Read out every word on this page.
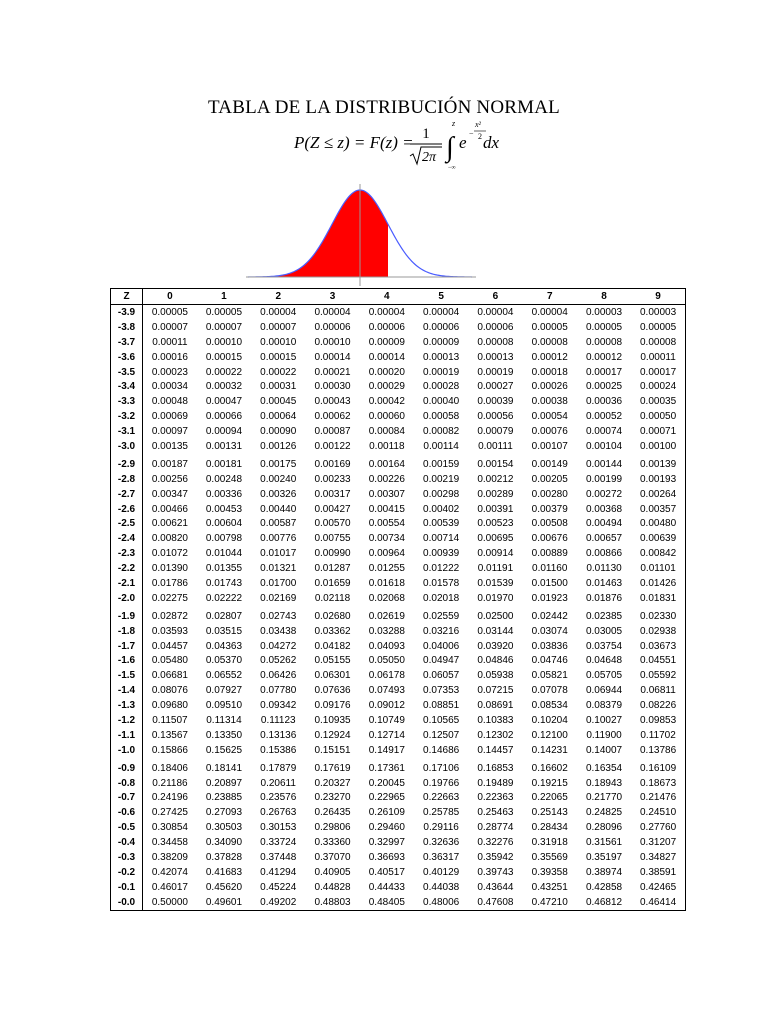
TABLA DE LA DISTRIBUCIÓN NORMAL
P(Z ≤ z) = F(z) = 1
2π ∫
z
−∞
e −
x²
2 dx
Z	0	1	2	3	4	5	6	7	8	9
-3.9	0.00005	0.00005	0.00004	0.00004	0.00004	0.00004	0.00004	0.00004	0.00003	0.00003
-3.8	0.00007	0.00007	0.00007	0.00006	0.00006	0.00006	0.00006	0.00005	0.00005	0.00005
-3.7	0.00011	0.00010	0.00010	0.00010	0.00009	0.00009	0.00008	0.00008	0.00008	0.00008
-3.6	0.00016	0.00015	0.00015	0.00014	0.00014	0.00013	0.00013	0.00012	0.00012	0.00011
-3.5	0.00023	0.00022	0.00022	0.00021	0.00020	0.00019	0.00019	0.00018	0.00017	0.00017
-3.4	0.00034	0.00032	0.00031	0.00030	0.00029	0.00028	0.00027	0.00026	0.00025	0.00024
-3.3	0.00048	0.00047	0.00045	0.00043	0.00042	0.00040	0.00039	0.00038	0.00036	0.00035
-3.2	0.00069	0.00066	0.00064	0.00062	0.00060	0.00058	0.00056	0.00054	0.00052	0.00050
-3.1	0.00097	0.00094	0.00090	0.00087	0.00084	0.00082	0.00079	0.00076	0.00074	0.00071
-3.0	0.00135	0.00131	0.00126	0.00122	0.00118	0.00114	0.00111	0.00107	0.00104	0.00100
-2.9	0.00187	0.00181	0.00175	0.00169	0.00164	0.00159	0.00154	0.00149	0.00144	0.00139
-2.8	0.00256	0.00248	0.00240	0.00233	0.00226	0.00219	0.00212	0.00205	0.00199	0.00193
-2.7	0.00347	0.00336	0.00326	0.00317	0.00307	0.00298	0.00289	0.00280	0.00272	0.00264
-2.6	0.00466	0.00453	0.00440	0.00427	0.00415	0.00402	0.00391	0.00379	0.00368	0.00357
-2.5	0.00621	0.00604	0.00587	0.00570	0.00554	0.00539	0.00523	0.00508	0.00494	0.00480
-2.4	0.00820	0.00798	0.00776	0.00755	0.00734	0.00714	0.00695	0.00676	0.00657	0.00639
-2.3	0.01072	0.01044	0.01017	0.00990	0.00964	0.00939	0.00914	0.00889	0.00866	0.00842
-2.2	0.01390	0.01355	0.01321	0.01287	0.01255	0.01222	0.01191	0.01160	0.01130	0.01101
-2.1	0.01786	0.01743	0.01700	0.01659	0.01618	0.01578	0.01539	0.01500	0.01463	0.01426
-2.0	0.02275	0.02222	0.02169	0.02118	0.02068	0.02018	0.01970	0.01923	0.01876	0.01831
-1.9	0.02872	0.02807	0.02743	0.02680	0.02619	0.02559	0.02500	0.02442	0.02385	0.02330
-1.8	0.03593	0.03515	0.03438	0.03362	0.03288	0.03216	0.03144	0.03074	0.03005	0.02938
-1.7	0.04457	0.04363	0.04272	0.04182	0.04093	0.04006	0.03920	0.03836	0.03754	0.03673
-1.6	0.05480	0.05370	0.05262	0.05155	0.05050	0.04947	0.04846	0.04746	0.04648	0.04551
-1.5	0.06681	0.06552	0.06426	0.06301	0.06178	0.06057	0.05938	0.05821	0.05705	0.05592
-1.4	0.08076	0.07927	0.07780	0.07636	0.07493	0.07353	0.07215	0.07078	0.06944	0.06811
-1.3	0.09680	0.09510	0.09342	0.09176	0.09012	0.08851	0.08691	0.08534	0.08379	0.08226
-1.2	0.11507	0.11314	0.11123	0.10935	0.10749	0.10565	0.10383	0.10204	0.10027	0.09853
-1.1	0.13567	0.13350	0.13136	0.12924	0.12714	0.12507	0.12302	0.12100	0.11900	0.11702
-1.0	0.15866	0.15625	0.15386	0.15151	0.14917	0.14686	0.14457	0.14231	0.14007	0.13786
-0.9	0.18406	0.18141	0.17879	0.17619	0.17361	0.17106	0.16853	0.16602	0.16354	0.16109
-0.8	0.21186	0.20897	0.20611	0.20327	0.20045	0.19766	0.19489	0.19215	0.18943	0.18673
-0.7	0.24196	0.23885	0.23576	0.23270	0.22965	0.22663	0.22363	0.22065	0.21770	0.21476
-0.6	0.27425	0.27093	0.26763	0.26435	0.26109	0.25785	0.25463	0.25143	0.24825	0.24510
-0.5	0.30854	0.30503	0.30153	0.29806	0.29460	0.29116	0.28774	0.28434	0.28096	0.27760
-0.4	0.34458	0.34090	0.33724	0.33360	0.32997	0.32636	0.32276	0.31918	0.31561	0.31207
-0.3	0.38209	0.37828	0.37448	0.37070	0.36693	0.36317	0.35942	0.35569	0.35197	0.34827
-0.2	0.42074	0.41683	0.41294	0.40905	0.40517	0.40129	0.39743	0.39358	0.38974	0.38591
-0.1	0.46017	0.45620	0.45224	0.44828	0.44433	0.44038	0.43644	0.43251	0.42858	0.42465
-0.0	0.50000	0.49601	0.49202	0.48803	0.48405	0.48006	0.47608	0.47210	0.46812	0.46414
